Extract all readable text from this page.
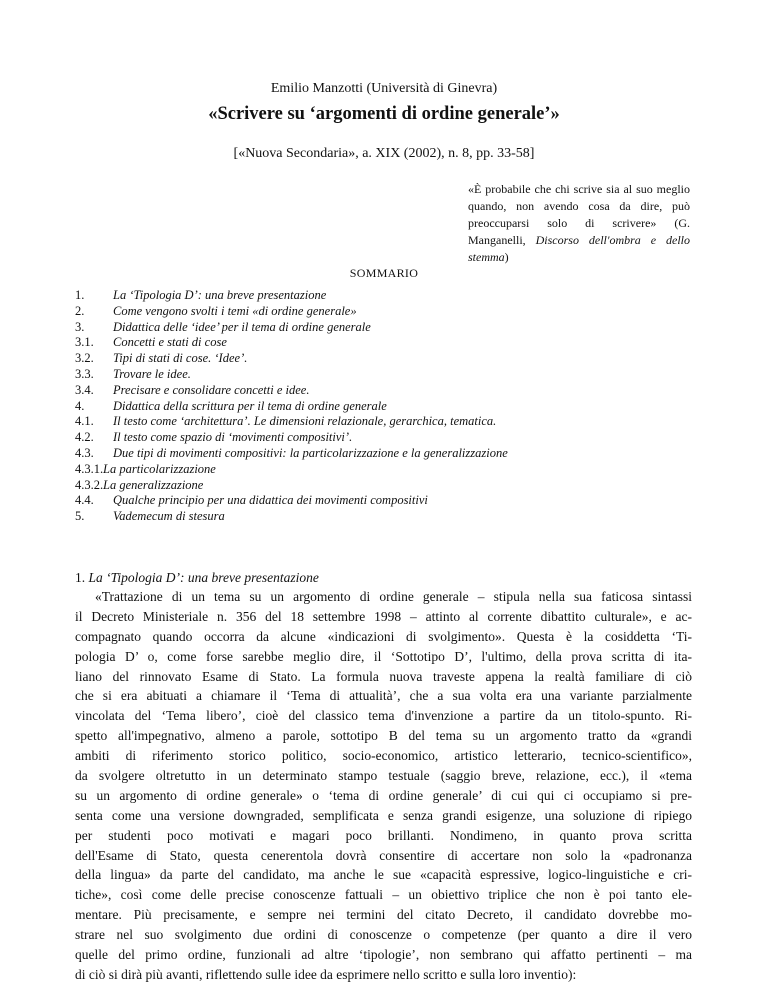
Emilio Manzotti (Università di Ginevra)
«Scrivere su ‘argomenti di ordine generale’»
[«Nuova Secondaria», a. XIX (2002), n. 8, pp. 33-58]
«È probabile che chi scrive sia al suo meglio quando, non avendo cosa da dire, può preoccuparsi solo di scrivere» (G. Manganelli, Discorso dell'ombra e dello stemma)
SOMMARIO
1. La ‘Tipologia D’: una breve presentazione
2. Come vengono svolti i temi «di ordine generale»
3. Didattica delle ‘idee’ per il tema di ordine generale
3.1. Concetti e stati di cose
3.2. Tipi di stati di cose. ‘Idee’.
3.3. Trovare le idee.
3.4. Precisare e consolidare concetti e idee.
4. Didattica della scrittura per il tema di ordine generale
4.1. Il testo come ‘architettura’. Le dimensioni relazionale, gerarchica, tematica.
4.2. Il testo come spazio di ‘movimenti compositivi’.
4.3. Due tipi di movimenti compositivi: la particolarizzazione e la generalizzazione
4.3.1. La particolarizzazione
4.3.2. La generalizzazione
4.4. Qualche principio per una didattica dei movimenti compositivi
5. Vademecum di stesura
1. La ‘Tipologia D’: una breve presentazione
«Trattazione di un tema su un argomento di ordine generale – stipula nella sua faticosa sintassi
il Decreto Ministeriale n. 356 del 18 settembre 1998 – attinto al corrente dibattito culturale», e ac-
compagnato quando occorra da alcune «indicazioni di svolgimento». Questa è la cosiddetta ‘Ti-
pologia D’ o, come forse sarebbe meglio dire, il ‘Sottotipo D’, l'ultimo, della prova scritta di ita-
liano del rinnovato Esame di Stato. La formula nuova traveste appena la realtà familiare di ciò
che si era abituati a chiamare il ‘Tema di attualità’, che a sua volta era una variante parzialmente
vincolata del ‘Tema libero’, cioè del classico tema d'invenzione a partire da un titolo-spunto. Ri-
spetto all'impegnativo, almeno a parole, sottotipo B del tema su un argomento tratto da «grandi
ambiti di riferimento storico politico, socio-economico, artistico letterario, tecnico-scientifico»,
da svolgere oltretutto in un determinato stampo testuale (saggio breve, relazione, ecc.), il «tema
su un argomento di ordine generale» o ‘tema di ordine generale’ di cui qui ci occupiamo si pre-
senta come una versione downgraded, semplificata e senza grandi esigenze, una soluzione di ripiego
per studenti poco motivati e magari poco brillanti. Nondimeno, in quanto prova scritta
dell'Esame di Stato, questa cenerentola dovrà consentire di accertare non solo la «padronanza
della lingua» da parte del candidato, ma anche le sue «capacità espressive, logico-linguistiche e cri-
tiche», così come delle precise conoscenze fattuali – un obiettivo triplice che non è poi tanto ele-
mentare. Più precisamente, e sempre nei termini del citato Decreto, il candidato dovrebbe mo-
strare nel suo svolgimento due ordini di conoscenze o competenze (per quanto a dire il vero
quelle del primo ordine, funzionali ad altre ‘tipologie’, non sembrano qui affatto pertinenti – ma
di ciò si dirà più avanti, riflettendo sulle idee da esprimere nello scritto e sulla loro inventio):
